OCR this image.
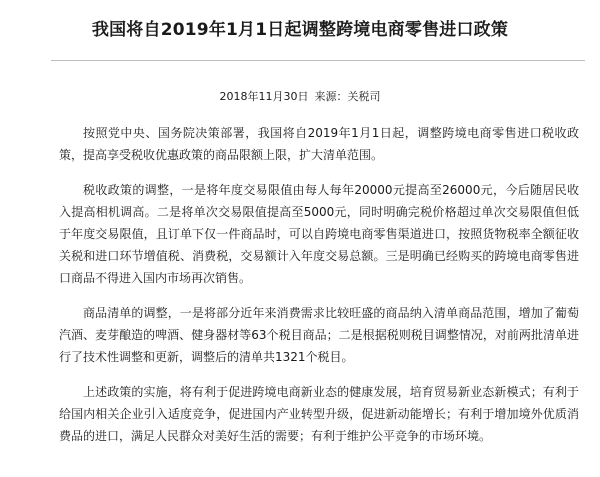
我国将自2019年1月1日起调整跨境电商零售进口政策
2018年11月30日 来源：关税司

按照党中央、国务院决策部署，我国将自2019年1月1日起，调整跨境电商零售进口税收政策，提高享受税收优惠政策的商品限额上限，扩大清单范围。

税收政策的调整，一是将年度交易限值由每人每年20000元提高至26000元，今后随居民收入提高相机调高。二是将单次交易限值提高至5000元，同时明确完税价格超过单次交易限值但低于年度交易限值，且订单下仅一件商品时，可以自跨境电商零售渠道进口，按照货物税率全额征收关税和进口环节增值税、消费税，交易额计入年度交易总额。三是明确已经购买的跨境电商零售进口商品不得进入国内市场再次销售。

商品清单的调整，一是将部分近年来消费需求比较旺盛的商品纳入清单商品范围，增加了葡萄汽酒、麦芽酿造的啤酒、健身器材等63个税目商品；二是根据税则税目调整情况，对前两批清单进行了技术性调整和更新，调整后的清单共1321个税目。

上述政策的实施，将有利于促进跨境电商新业态的健康发展，培育贸易新业态新模式；有利于给国内相关企业引入适度竞争，促进国内产业转型升级，促进新动能增长；有利于增加境外优质消费品的进口，满足人民群众对美好生活的需要；有利于维护公平竞争的市场环境。
